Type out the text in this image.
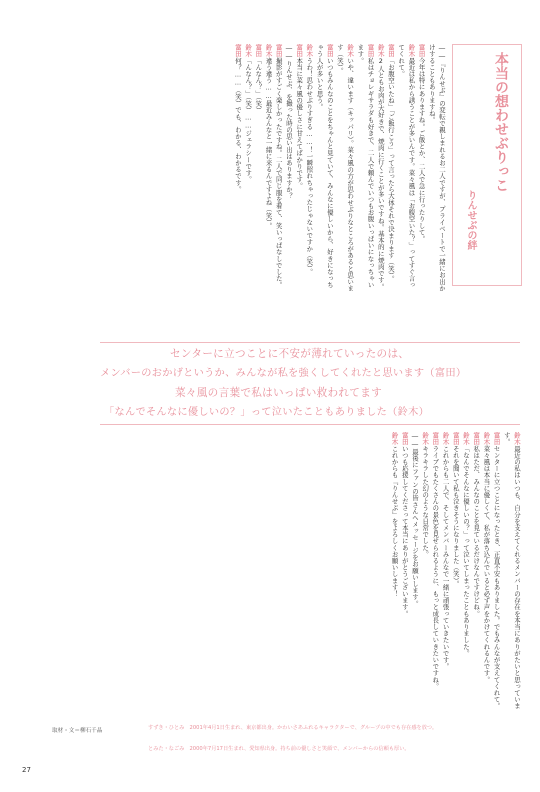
本当の想わせぶりっこ
りんせぶの絆

――『りんせぶ』の変転で親しまれるお二人ですが、プライベートで一緒にお出かけすることもありますね。

富田今年は特にありますね。ご飯とか、二人で急に行ったりして。

鈴木最近は私から誘うことが多いんです。菜々風は「お腹空いた？」ってすぐ言ってくれて。

富田「お腹空いたね」「ご飯行こう」って言ったら大体それで決まります（笑）。

鈴木2人ともお肉が大好きで、焼肉に行くことが多いですね。基本的に焼肉です。

富田私はチョレギサラダも好きで、二人で頼んでいつもお腹いっぱいになっちゃいます。

鈴木いや、違います（キッパリ）。菜々風の方が思わせぶりなところがあると思います（笑）。

富田いつもみんなのことをちゃんと見ていて、みんなに優しいから、好きになっちゃう人が多いと思う。

鈴木うわ！思わせぶりすぎる……！一瞬照れちゃったじゃないですか（笑）。

富田本当に菜々風の優しさに甘えてばかりです。

――りんせぶ、を撮った時の思い出はありますか？

富田撮影がすごく楽しかったですね。二人で同じ服を着て、笑いっぱなしでした。

鈴木違う違う……最近みんなと一緒に来るんですよね（笑）。

富田「んなん？」（笑）

鈴木「んなん？」（笑）……ジェラシーです。

富田何？……（笑）でも、わかる、わかるです。

センターに立つことに不安が薄れていったのは、
メンバーのおかげというか、みんなが私を強くしてくれたと思います（富田）
菜々風の言葉で私はいっぱい救われてます
「なんでそんなに優しいの？」って泣いたこともありました（鈴木）

鈴木最近の私はいつも、自分を支えてくれるメンバーの存在を本当にありがたいと思っています。

富田センターに立つことになったとき、正直不安もありました。でもみんなが支えてくれて。

鈴木菜々風は本当に優しくて、私が落ち込んでいると必ず声をかけてくれるんです。

富田私はただ、みんなのことを見ているだけなんですけどね。

鈴木「なんでそんなに優しいの？」って泣いてしまったこともありました。

富田それを聞いて私も泣きそうになりました（笑）。

鈴木これからも二人で、そしてメンバーみんなで一緒に頑張っていきたいです。

富田ライブでもたくさんの景色を見せられるように、もっと成長していきたいですね。

鈴木キラキラした幻のような日常でした。

――最後にファンの皆さんへメッセージをお願いします。

富田いつも応援してくださって本当にありがとうございます。

鈴木これからも『りんせぶ』をよろしくお願いします！

取材・文＝柳石千晶	すずき・ひとみ　2001年4月1日生まれ、東京都出身。かわいさあふれるキャラクターで、グループの中でも存在感を放つ。
とみた・なごみ　2000年7月17日生まれ、愛知県出身。持ち前の優しさと笑顔で、メンバーからの信頼も厚い。
27
